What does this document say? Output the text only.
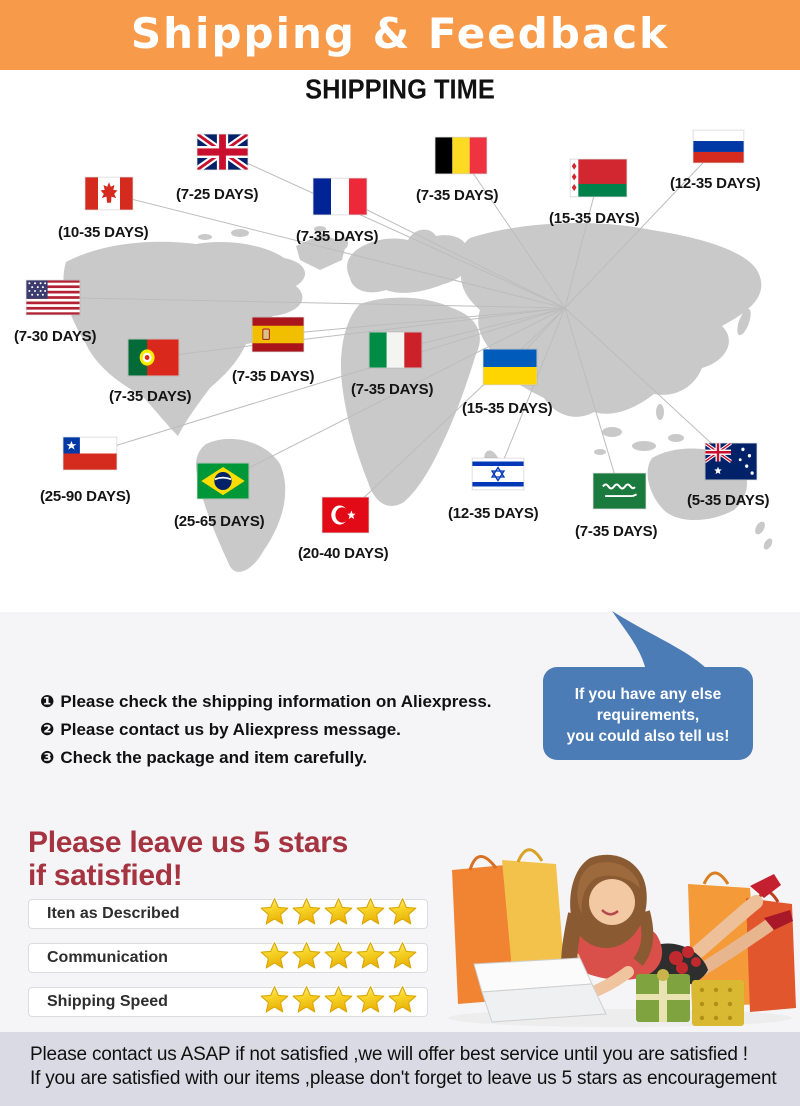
Shipping & Feedback
SHIPPING TIME
(10-35 DAYS)
(7-25 DAYS)
(7-35 DAYS)
(7-35 DAYS)
(15-35 DAYS)
(12-35 DAYS)
(7-30 DAYS)
(7-35 DAYS)
(7-35 DAYS)
(7-35 DAYS)
(15-35 DAYS)
(25-90 DAYS)
(25-65 DAYS)
(20-40 DAYS)
(12-35 DAYS)
(7-35 DAYS)
(5-35 DAYS)
❶ Please check the shipping information on Aliexpress.
❷ Please contact us by Aliexpress message.
❸ Check the package and item carefully.
If you have any else
requirements,
you could also tell us!
Please leave us 5 stars
if satisfied!
Iten as Described
Communication
Shipping Speed

Please contact us ASAP if not satisfied ,we will offer best service until you are satisfied !

If you are satisfied with our items ,please don't forget to leave us 5 stars as encouragement
